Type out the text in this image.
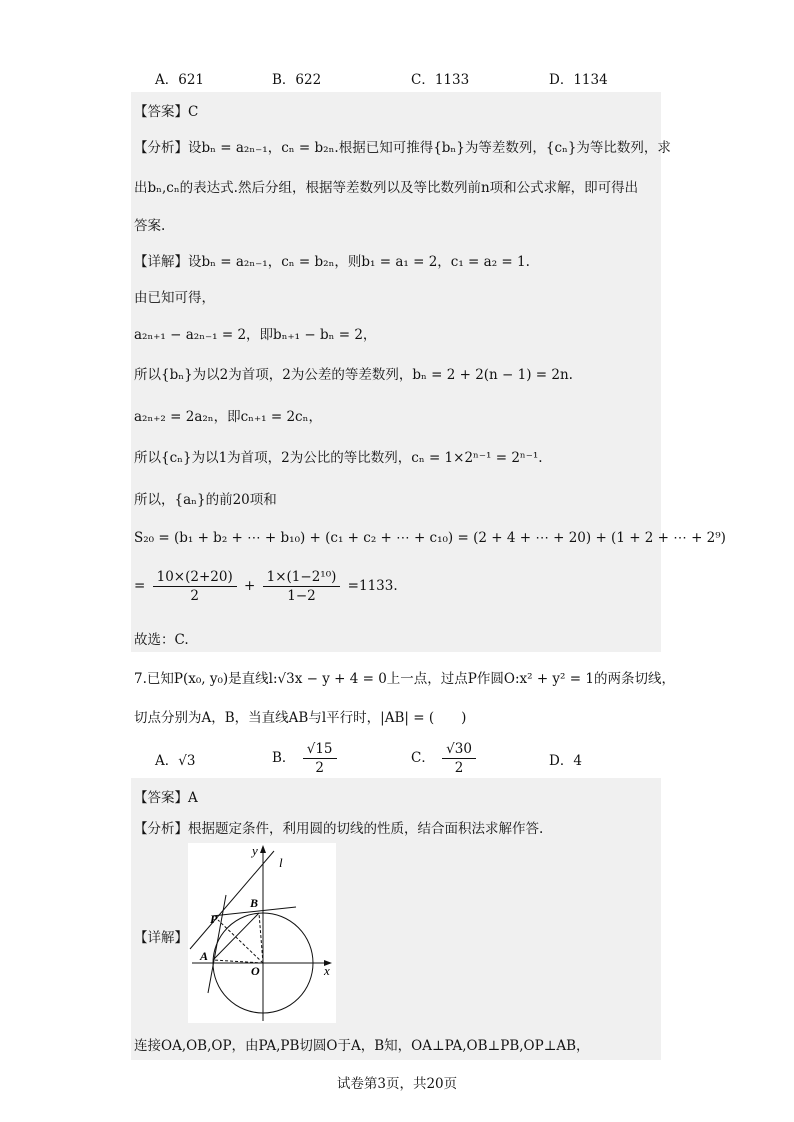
A．621	B．622	C．1133	D．1134
【答案】C
【分析】设bₙ = a₂ₙ₋₁，cₙ = b₂ₙ.根据已知可推得{bₙ}为等差数列，{cₙ}为等比数列，求
出bₙ,cₙ的表达式.然后分组，根据等差数列以及等比数列前n项和公式求解，即可得出
答案.
【详解】设bₙ = a₂ₙ₋₁，cₙ = b₂ₙ，则b₁ = a₁ = 2，c₁ = a₂ = 1.
由已知可得，
a₂ₙ₊₁ − a₂ₙ₋₁ = 2，即bₙ₊₁ − bₙ = 2，
所以{bₙ}为以2为首项，2为公差的等差数列，bₙ = 2 + 2(n − 1) = 2n.
a₂ₙ₊₂ = 2a₂ₙ，即cₙ₊₁ = 2cₙ，
所以{cₙ}为以1为首项，2为公比的等比数列，cₙ = 1×2ⁿ⁻¹ = 2ⁿ⁻¹.
所以，{aₙ}的前20项和
S₂₀ = (b₁ + b₂ + ⋯ + b₁₀) + (c₁ + c₂ + ⋯ + c₁₀) = (2 + 4 + ⋯ + 20) + (1 + 2 + ⋯ + 2⁹)
= $\frac{10\times(2+20)}{2} + \frac{\text{1×(1−2¹⁰)}}{1-2} =1133$.
故选：C.
7.已知P(x₀, y₀)是直线l:√3x − y + 4 = 0上一点，过点P作圆O:x² + y² = 1的两条切线，
切点分别为A，B，当直线AB与l平行时，|AB| = (　　)
A．√3	B． $\frac{√15}{2}$	C． $\frac{√30}{2}$	D．4
【答案】A
【分析】根据题定条件，利用圆的切线的性质，结合面积法求解作答.
【详解】
y
x
l
O
A
B
P
连接OA,OB,OP，由PA,PB切圆O于A，B知，OA⊥PA,OB⊥PB,OP⊥AB，
试卷第3页，共20页
